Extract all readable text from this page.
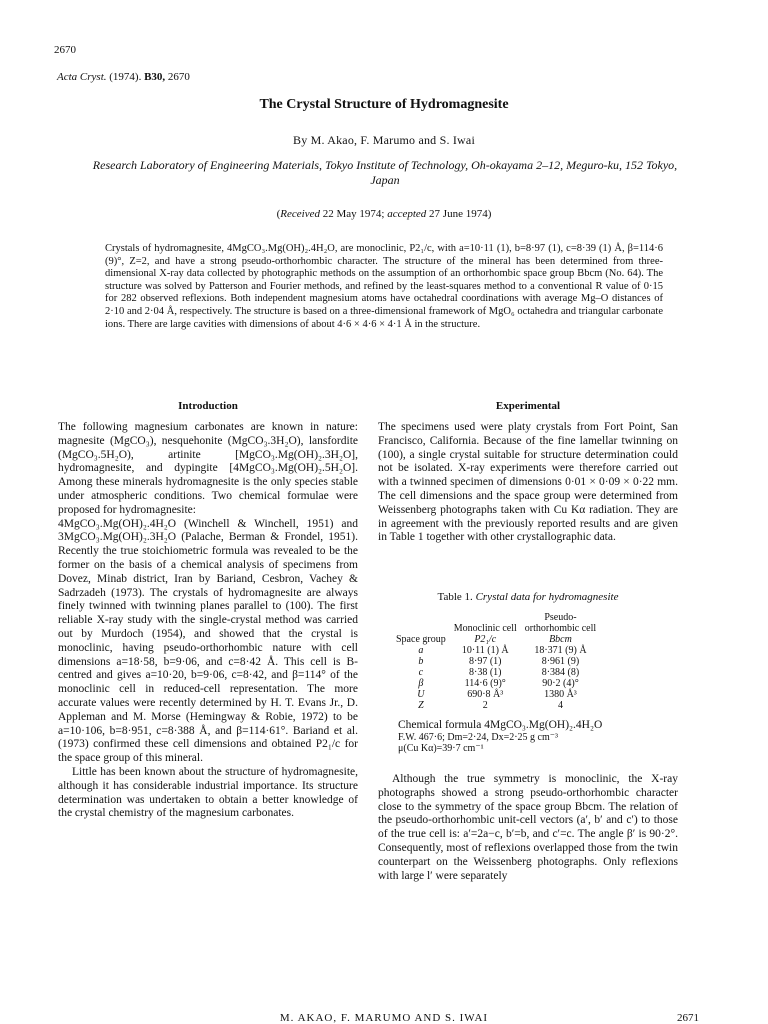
2670
Acta Cryst. (1974). B30, 2670
The Crystal Structure of Hydromagnesite
By M. Akao, F. Marumo and S. Iwai
Research Laboratory of Engineering Materials, Tokyo Institute of Technology, Oh-okayama 2–12, Meguro-ku, 152 Tokyo, Japan
(Received 22 May 1974; accepted 27 June 1974)
Crystals of hydromagnesite, 4MgCO₃.Mg(OH)₂.4H₂O, are monoclinic, P2₁/c, with a=10·11 (1), b=8·97 (1), c=8·39 (1) Å, β=114·6 (9)°, Z=2, and have a strong pseudo-orthorhombic character. The structure of the mineral has been determined from three-dimensional X-ray data collected by photographic methods on the assumption of an orthorhombic space group Bbcm (No. 64). The structure was solved by Patterson and Fourier methods, and refined by the least-squares method to a conventional R value of 0·15 for 282 observed reflexions. Both independent magnesium atoms have octahedral coordinations with average Mg–O distances of 2·10 and 2·04 Å, respectively. The structure is based on a three-dimensional framework of MgO₆ octahedra and triangular carbonate ions. There are large cavities with dimensions of about 4·6 × 4·6 × 4·1 Å in the structure.
Introduction

The following magnesium carbonates are known in nature: magnesite (MgCO₃), nesquehonite (MgCO₃.3H₂O), lansfordite (MgCO₃.5H₂O), artinite [MgCO₃.Mg(OH)₂.3H₂O], hydromagnesite, and dypingite [4MgCO₃.Mg(OH)₂.5H₂O]. Among these minerals hydromagnesite is the only species stable under atmospheric conditions. Two chemical formulae were proposed for hydromagnesite:

4MgCO₃.Mg(OH)₂.4H₂O (Winchell & Winchell, 1951) and 3MgCO₃.Mg(OH)₂.3H₂O (Palache, Berman & Frondel, 1951). Recently the true stoichiometric formula was revealed to be the former on the basis of a chemical analysis of specimens from Dovez, Minab district, Iran by Bariand, Cesbron, Vachey & Sadrzadeh (1973). The crystals of hydromagnesite are always finely twinned with twinning planes parallel to (100). The first reliable X-ray study with the single-crystal method was carried out by Murdoch (1954), and showed that the crystal is monoclinic, having pseudo-orthorhombic nature with cell dimensions a=18·58, b=9·06, and c=8·42 Å. This cell is B-centred and gives a=10·20, b=9·06, c=8·42, and β=114° of the monoclinic cell in reduced-cell representation. The more accurate values were recently determined by H. T. Evans Jr., D. Appleman and M. Morse (Hemingway & Robie, 1972) to be a=10·106, b=8·951, c=8·388 Å, and β=114·61°. Bariand et al. (1973) confirmed these cell dimensions and obtained P2₁/c for the space group of this mineral.

Little has been known about the structure of hydromagnesite, although it has considerable industrial importance. Its structure determination was undertaken to obtain a better knowledge of the crystal chemistry of the magnesium carbonates.

Experimental

The specimens used were platy crystals from Fort Point, San Francisco, California. Because of the fine lamellar twinning on (100), a single crystal suitable for structure determination could not be isolated. X-ray experiments were therefore carried out with a twinned specimen of dimensions 0·01 × 0·09 × 0·22 mm. The cell dimensions and the space group were determined from Weissenberg photographs taken with Cu Kα radiation. They are in agreement with the previously reported results and are given in Table 1 together with other crystallographic data.

Table 1. Crystal data for hydromagnesite
		Pseudo-
	Monoclinic cell	orthorhombic cell
Space group	P2₁/c	Bbcm
a	10·11 (1) Å	18·371 (9) Å
b	8·97 (1)	8·961 (9)
c	8·38 (1)	8·384 (8)
β	114·6 (9)°	90·2 (4)°
U	690·8 Å³	1380 Å³
Z	2	4
Chemical formula 4MgCO₃.Mg(OH)₂.4H₂O
F.W. 467·6; Dm=2·24, Dx=2·25 g cm⁻³
μ(Cu Kα)=39·7 cm⁻¹

Although the true symmetry is monoclinic, the X-ray photographs showed a strong pseudo-orthorhombic character close to the symmetry of the space group Bbcm. The relation of the pseudo-orthorhombic unit-cell vectors (a′, b′ and c′) to those of the true cell is: a′=2a−c, b′=b, and c′=c. The angle β′ is 90·2°. Consequently, most of reflexions overlapped those from the twin counterpart on the Weissenberg photographs. Only reflexions with large l′ were separately

M. AKAO, F. MARUMO AND S. IWAI	2671
